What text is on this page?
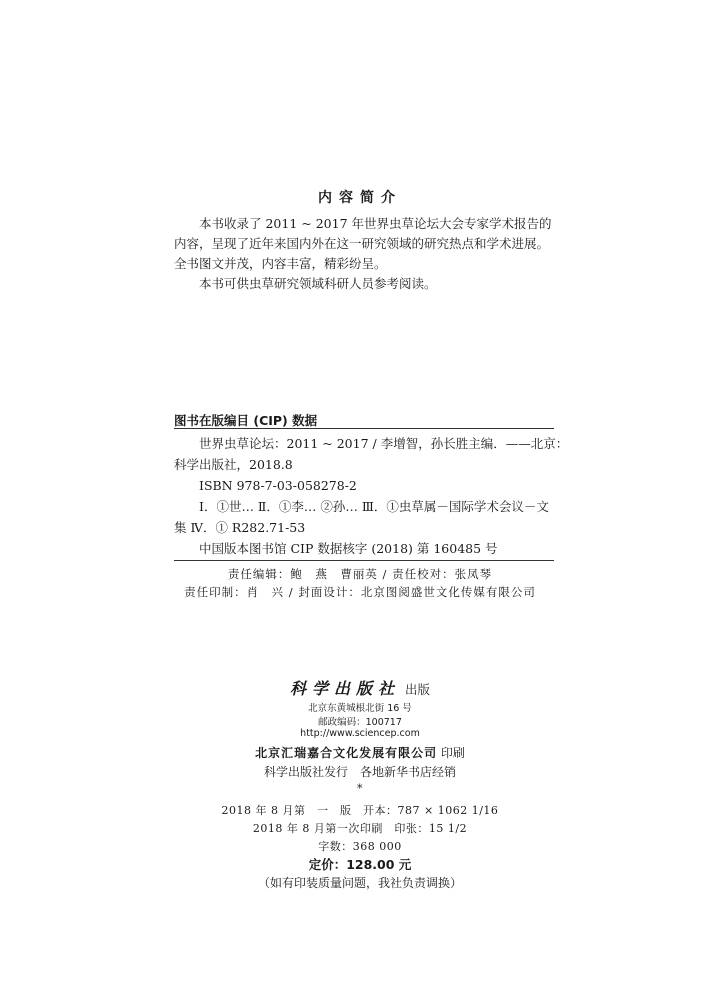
内容简介

本书收录了 2011 ~ 2017 年世界虫草论坛大会专家学术报告的内容，呈现了近年来国内外在这一研究领域的研究热点和学术进展。全书图文并茂，内容丰富，精彩纷呈。

本书可供虫草研究领域科研人员参考阅读。

图书在版编目 (CIP) 数据
世界虫草论坛：2011 ~ 2017 / 李增智，孙长胜主编．——北京：
科学出版社，2018.8
ISBN 978-7-03-058278-2
Ⅰ．①世… Ⅱ．①李… ②孙… Ⅲ．①虫草属－国际学术会议－文
集 Ⅳ．① R282.71-53
中国版本图书馆 CIP 数据核字 (2018) 第 160485 号
责任编辑：鲍　燕　曹丽英 / 责任校对：张凤琴
责任印制：肖　兴 / 封面设计：北京图阅盛世文化传媒有限公司
科学出版社 出版
北京东黄城根北街 16 号
邮政编码：100717
http://www.sciencep.com
北京汇瑞嘉合文化发展有限公司 印刷
科学出版社发行　各地新华书店经销
*
2018 年 8 月第　一　版　开本：787 × 1062 1/16
2018 年 8 月第一次印刷　印张：15 1/2
字数：368 000
定价：128.00 元
（如有印装质量问题，我社负责调换）
